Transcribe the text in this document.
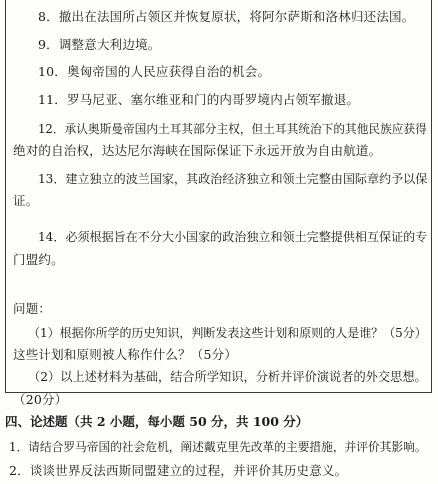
8．撤出在法国所占领区并恢复原状，将阿尔萨斯和洛林归还法国。
9．调整意大利边境。
10．奥匈帝国的人民应获得自治的机会。
11．罗马尼亚、塞尔维亚和门的内哥罗境内占领军撤退。
12．承认奥斯曼帝国内土耳其部分主权，但土耳其统治下的其他民族应获得
绝对的自治权，达达尼尔海峡在国际保证下永远开放为自由航道。
13．建立独立的波兰国家，其政治经济独立和领土完整由国际章约予以保
证。
14．必须根据旨在不分大小国家的政治独立和领土完整提供相互保证的专
门盟约。
问题：
（1）根据你所学的历史知识，判断发表这些计划和原则的人是谁？（5分）
这些计划和原则被人称作什么？（5分）
（2）以上述材料为基础，结合所学知识，分析并评价演说者的外交思想。
（20分）
四、论述题（共 2 小题，每小题 50 分，共 100 分）
1．请结合罗马帝国的社会危机，阐述戴克里先改革的主要措施，并评价其影响。
2．谈谈世界反法西斯同盟建立的过程，并评价其历史意义。
